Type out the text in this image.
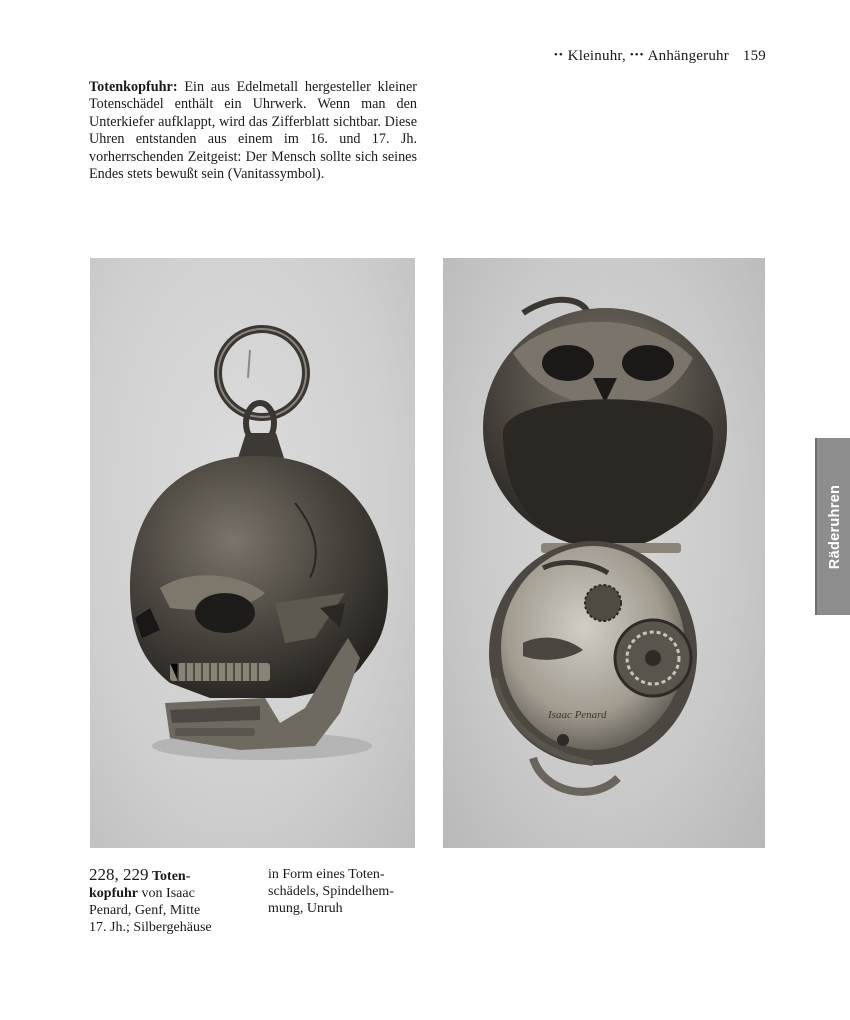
•• Kleinuhr, ••• Anhängeruhr 159

Totenkopfuhr: Ein aus Edelmetall hergesteller kleiner Totenschädel enthält ein Uhrwerk. Wenn man den Unterkiefer aufklappt, wird das Zifferblatt sichtbar. Diese Uhren entstanden aus einem im 16. und 17. Jh. vorherrschenden Zeitgeist: Der Mensch sollte sich seines Endes stets bewußt sein (Vanitassymbol).

Isaac Penard
Räderuhren
228, 229 Toten-
kopfuhr von Isaac
Penard, Genf, Mitte
17. Jh.; Silbergehäuse
in Form eines Toten-
schädels, Spindelhem-
mung, Unruh
